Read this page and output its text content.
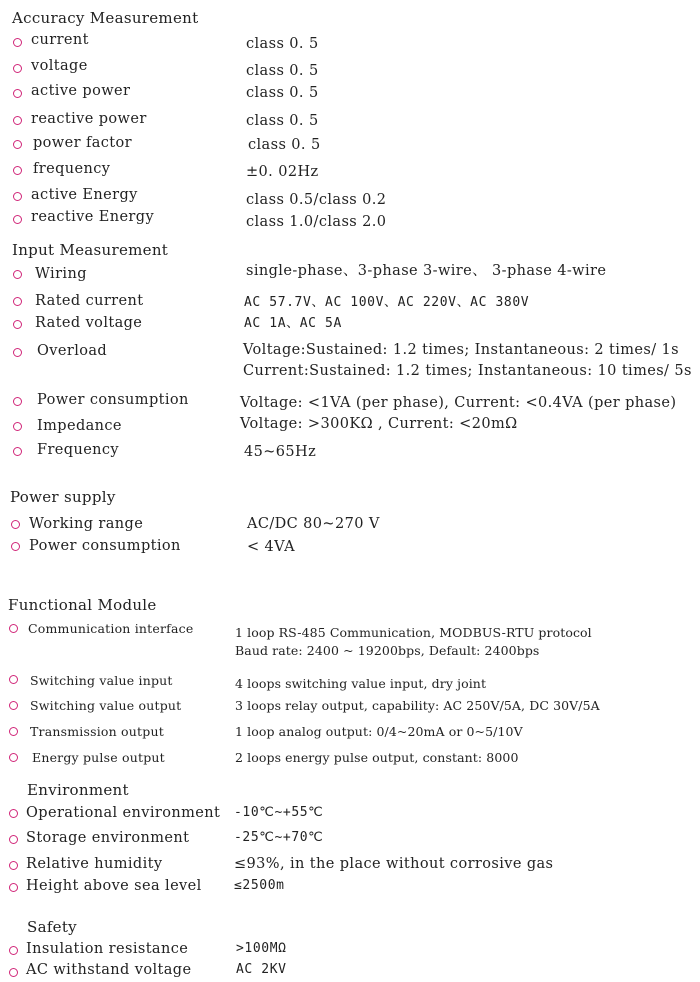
Accuracy Measurement
current	class 0. 5
voltage	class 0. 5
active power	class 0. 5
reactive power	class 0. 5
power factor	class 0. 5
frequency	±0. 02Hz
active Energy	class 0.5/class 0.2
reactive Energy	class 1.0/class 2.0
Input Measurement
Wiring	single-phase、3-phase 3-wire、 3-phase 4-wire
Rated current	AC 57.7V、AC 100V、AC 220V、AC 380V
Rated voltage	AC 1A、AC 5A
Overload	Voltage:Sustained: 1.2 times; Instantaneous: 2 times/ 1s
Current:Sustained: 1.2 times; Instantaneous: 10 times/ 5s
Power consumption	Voltage: <1VA (per phase), Current: <0.4VA (per phase)
Impedance	Voltage: >300KΩ , Current: <20mΩ
Frequency	45~65Hz
Power supply
Working range	AC/DC 80~270 V
Power consumption	< 4VA
Functional Module
Communication interface	1 loop RS-485 Communication, MODBUS-RTU protocol
Baud rate: 2400 ~ 19200bps, Default: 2400bps
Switching value input	4 loops switching value input, dry joint
Switching value output	3 loops relay output, capability: AC 250V/5A, DC 30V/5A
Transmission output	1 loop analog output: 0/4~20mA or 0~5/10V
Energy pulse output	2 loops energy pulse output, constant: 8000
Environment
Operational environment -10℃~+55℃
Storage environment	-25℃~+70℃
Relative humidity	≤93%, in the place without corrosive gas
Height above sea level ≤2500m
Safety
Insulation resistance	>100MΩ
AC withstand voltage	AC 2KV
